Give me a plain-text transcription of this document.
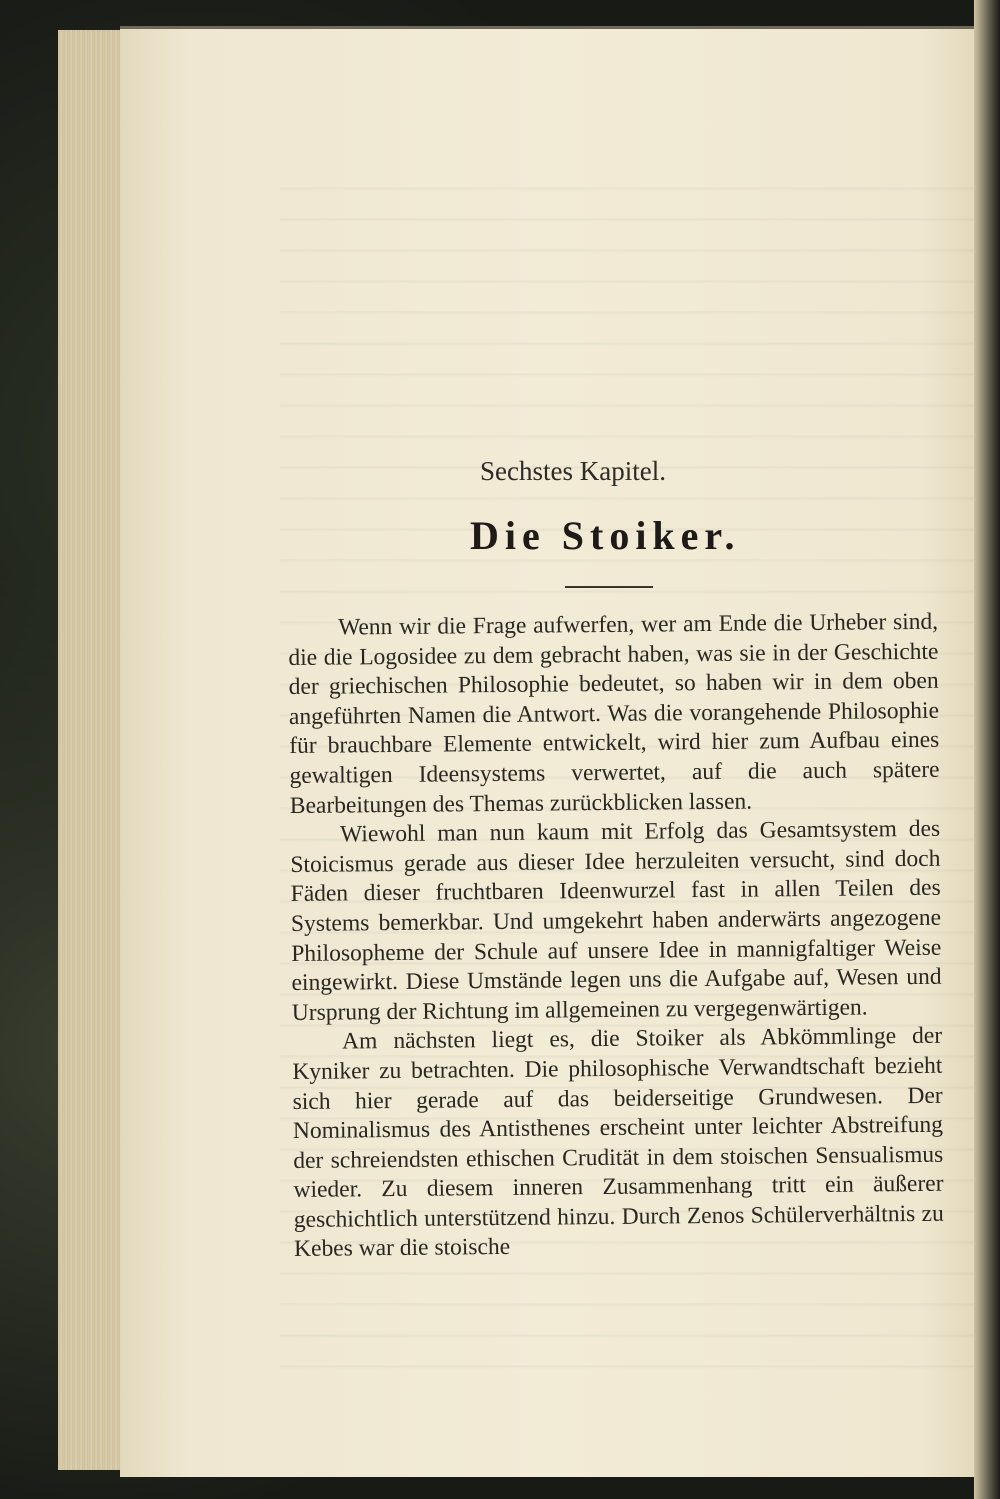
Sechstes Kapitel.
Die Stoiker.

Wenn wir die Frage aufwerfen, wer am Ende die Urheber sind, die die Logosidee zu dem gebracht haben, was sie in der Geschichte der griechischen Philosophie bedeutet, so haben wir in dem oben angeführten Namen die Antwort. Was die vorangehende Philosophie für brauchbare Elemente entwickelt, wird hier zum Aufbau eines gewaltigen Ideensystems verwertet, auf die auch spätere Bearbeitungen des Themas zurückblicken lassen.

Wiewohl man nun kaum mit Erfolg das Gesamtsystem des Stoicismus gerade aus dieser Idee herzuleiten versucht, sind doch Fäden dieser fruchtbaren Ideenwurzel fast in allen Teilen des Systems bemerkbar. Und umgekehrt haben anderwärts angezogene Philosopheme der Schule auf unsere Idee in mannigfaltiger Weise eingewirkt. Diese Umstände legen uns die Aufgabe auf, Wesen und Ursprung der Richtung im allgemeinen zu vergegenwärtigen.

Am nächsten liegt es, die Stoiker als Abkömmlinge der Kyniker zu betrachten. Die philosophische Verwandtschaft bezieht sich hier gerade auf das beiderseitige Grundwesen. Der Nominalismus des Antisthenes erscheint unter leichter Abstreifung der schreiendsten ethischen Crudität in dem stoischen Sensualismus wieder. Zu diesem inneren Zusammenhang tritt ein äußerer geschichtlich unterstützend hinzu. Durch Zenos Schülerverhältnis zu Kebes war die stoische
